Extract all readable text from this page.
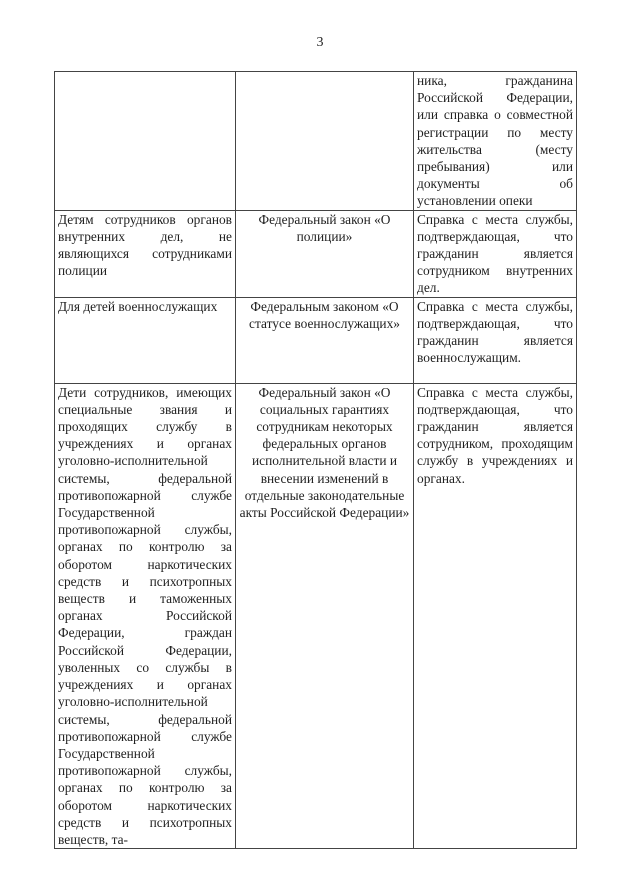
3

		ника, гражданина Российской Федерации, или справка о совместной регистрации по месту жительства (месту пребывания) или документы об установлении опеки

Детям сотрудников органов внутренних дел, не являющихся сотрудниками полиции	Федеральный закон «О полиции»	Справка с места службы, подтверждающая, что гражданин является сотрудником внутренних дел.

Для детей военнослужащих	Федеральным законом «О статусе военнослужащих»	Справка с места службы, подтверждающая, что гражданин является военнослужащим.

Дети сотрудников, имеющих специальные звания и проходящих службу в учреждениях и органах уголовно-исполнительной системы, федеральной противопожарной службе Государственной противопожарной службы, органах по контролю за оборотом наркотических средств и психотропных веществ и таможенных органах Российской Федерации, граждан Российской Федерации, уволенных со службы в учреждениях и органах уголовно-исполнительной системы, федеральной противопожарной службе Государственной противопожарной службы, органах по контролю за оборотом наркотических средств и психотропных веществ, та-	Федеральный закон «О социальных гарантиях сотрудникам некоторых федеральных органов исполнительной власти и внесении изменений в отдельные законодательные акты Российской Федерации»	Справка с места службы, подтверждающая, что гражданин является сотрудником, проходящим службу в учреждениях и органах.
